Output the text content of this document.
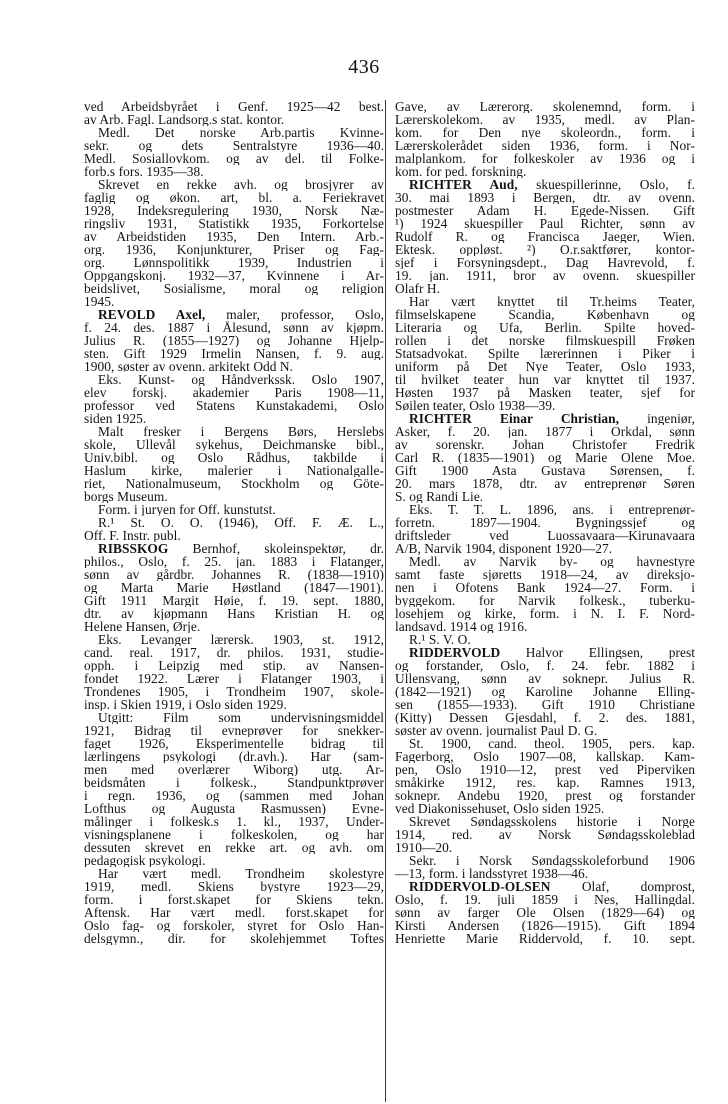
436
ved Arbeidsbyrået i Genf. 1925—42 best.
av Arb. Fagl. Landsorg.s stat. kontor.
Medl. Det norske Arb.partis Kvinne-
sekr. og dets Sentralstyre 1936—40.
Medl. Sosiallovkom. og av del. til Folke-
forb.s fors. 1935—38.
Skrevet en rekke avh. og brosjyrer av
faglig og økon. art, bl. a. Feriekravet
1928, Indeksregulering 1930, Norsk Næ-
ringsliv 1931, Statistikk 1935, Forkortelse
av Arbeidstiden 1935, Den Intern. Arb.-
org. 1936, Konjunkturer, Priser og Fag-
org. Lønnspolitikk 1939, Industrien i
Oppgangskonj. 1932—37, Kvinnene i Ar-
beidslivet, Sosialisme, moral og religion
1945.
REVOLD Axel, maler, professor, Oslo,
f. 24. des. 1887 i Ålesund, sønn av kjøpm.
Julius R. (1855—1927) og Johanne Hjelp-
sten. Gift 1929 Irmelin Nansen, f. 9. aug.
1900, søster av ovenn. arkitekt Odd N.
Eks. Kunst- og Håndverkssk. Oslo 1907,
elev forskj. akademier Paris 1908—11,
professor ved Statens Kunstakademi, Oslo
siden 1925.
Malt fresker i Bergens Børs, Herslebs
skole, Ullevål sykehus, Deichmanske bibl.,
Univ.bibl. og Oslo Rådhus, takbilde i
Haslum kirke, malerier i Nationalgalle-
riet, Nationalmuseum, Stockholm og Göte-
borgs Museum.
Form. i juryen for Off. kunstutst.
R.¹ St. O. O. (1946), Off. F. Æ. L.,
Off. F. Instr. publ.
RIBSSKOG Bernhof, skoleinspektør, dr.
philos., Oslo, f. 25. jan. 1883 i Flatanger,
sønn av gårdbr. Johannes R. (1838—1910)
og Marta Marie Høstland (1847—1901).
Gift 1911 Margit Høie, f. 19. sept. 1880,
dtr. av kjøpmann Hans Kristian H. og
Helene Hansen, Ørje.
Eks. Levanger lærersk. 1903, st. 1912,
cand. real. 1917, dr. philos. 1931, studie-
opph. i Leipzig med stip. av Nansen-
fondet 1922. Lærer i Flatanger 1903, i
Trondenes 1905, i Trondheim 1907, skole-
insp. i Skien 1919, i Oslo siden 1929.
Utgitt: Film som undervisningsmiddel
1921, Bidrag til evneprøver for snekker-
faget 1926, Eksperimentelle bidrag til
lærlingens psykologi (dr.avh.). Har (sam-
men med overlærer Wiborg) utg. Ar-
beidsmåten i folkesk., Standpunktprøver
i regn. 1936, og (sammen med Johan
Lofthus og Augusta Rasmussen) Evne-
målinger i folkesk.s 1. kl., 1937, Under-
visningsplanene i folkeskolen, og har
dessuten skrevet en rekke art. og avh. om
pedagogisk psykologi.
Har vært medl. Trondheim skolestyre
1919, medl. Skiens bystyre 1923—29,
form. i forst.skapet for Skiens tekn.
Aftensk. Har vært medl. forst.skapet for
Oslo fag- og forskoler, styret for Oslo Han-
delsgymn., dir. for skolehjemmet Toftes
Gave, av Lærerorg. skolenemnd, form. i
Lærerskolekom. av 1935, medl. av Plan-
kom. for Den nye skoleordn., form. i
Lærerskolerådet siden 1936, form. i Nor-
malplankom. for folkeskoler av 1936 og i
kom. for ped. forskning.
RICHTER Aud, skuespillerinne, Oslo, f.
30. mai 1893 i Bergen, dtr. av ovenn.
postmester Adam H. Egede-Nissen. Gift
¹) 1924 skuespiller Paul Richter, sønn av
Rudolf R. og Francisca Jaeger, Wien.
Ektesk. oppløst. ²) O.r.saktfører, kontor-
sjef i Forsyningsdept., Dag Havrevold, f.
19. jan. 1911, bror av ovenn. skuespiller
Olafr H.
Har vært knyttet til Tr.heims Teater,
filmselskapene Scandia, København og
Literaria og Ufa, Berlin. Spilte hoved-
rollen i det norske filmskuespill Frøken
Statsadvokat. Spilte lærerinnen i Piker i
uniform på Det Nye Teater, Oslo 1933,
til hvilket teater hun var knyttet til 1937.
Høsten 1937 på Masken teater, sjef for
Søilen teater, Oslo 1938—39.
RICHTER Einar Christian, ingeniør,
Asker, f. 20. jan. 1877 i Orkdal, sønn
av sorenskr. Johan Christofer Fredrik
Carl R. (1835—1901) og Marie Olene Moe.
Gift 1900 Asta Gustava Sørensen, f.
20. mars 1878, dtr. av entreprenør Søren
S. og Randi Lie.
Eks. T. T. L. 1896, ans. i entreprenør-
forretn. 1897—1904. Bygningssjef og
driftsleder ved Luossavaara—Kirunavaara
A/B, Narvik 1904, disponent 1920—27.
Medl. av Narvik by- og havnestyre
samt faste sjøretts 1918—24, av direksjo-
nen i Ofotens Bank 1924—27. Form. i
byggekom. for Narvik folkesk., tuberku-
losehjem og kirke, form. i N. I. F. Nord-
landsavd. 1914 og 1916.
R.¹ S. V. O.
RIDDERVOLD Halvor Ellingsen, prest
og forstander, Oslo, f. 24. febr. 1882 i
Ullensvang, sønn av soknepr. Julius R.
(1842—1921) og Karoline Johanne Elling-
sen (1855—1933). Gift 1910 Christiane
(Kitty) Dessen Gjesdahl, f. 2. des. 1881,
søster av ovenn. journalist Paul D. G.
St. 1900, cand. theol. 1905, pers. kap.
Fagerborg, Oslo 1907—08, kallskap. Kam-
pen, Oslo 1910—12, prest ved Piperviken
småkirke 1912, res. kap. Ramnes 1913,
soknepr. Andebu 1920, prest og forstander
ved Diakonissehuset, Oslo siden 1925.
Skrevet Søndagsskolens historie i Norge
1914, red. av Norsk Søndagsskoleblad
1910—20.
Sekr. i Norsk Søndagsskoleforbund 1906
—13, form. i landsstyret 1938—46.
RIDDERVOLD-OLSEN Olaf, domprost,
Oslo, f. 19. juli 1859 i Nes, Hallingdal.
sønn av farger Ole Olsen (1829—64) og
Kirsti Andersen (1826—1915). Gift 1894
Henriette Marie Riddervold, f. 10. sept.
